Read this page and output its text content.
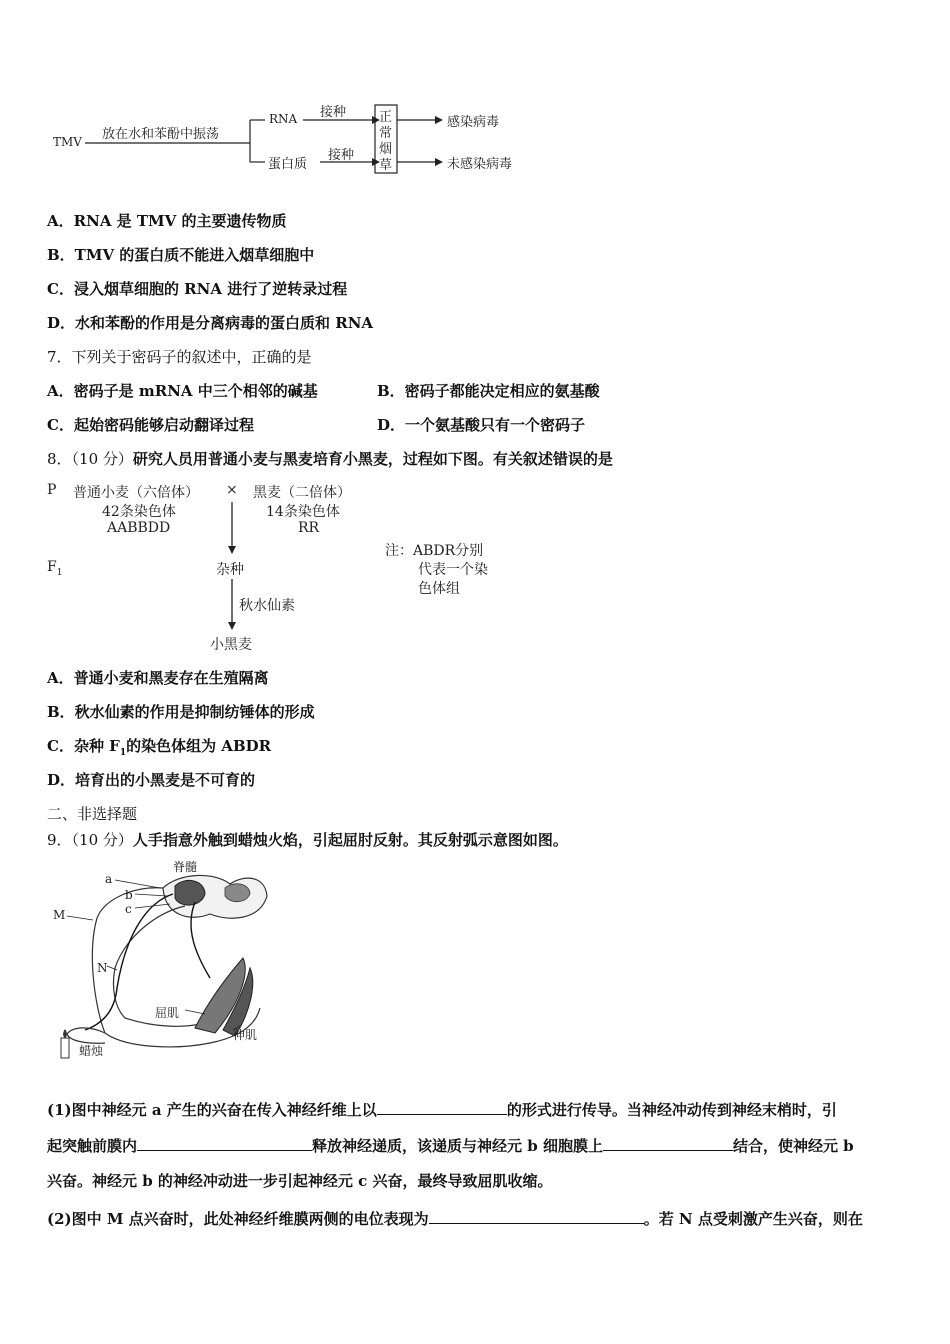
TMV 放在水和苯酚中振荡
RNA
蛋白质
接种
接种
正
常
烟
草
感染病毒
未感染病毒
A．RNA 是 TMV 的主要遗传物质
B．TMV 的蛋白质不能进入烟草细胞中
C．浸入烟草细胞的 RNA 进行了逆转录过程
D．水和苯酚的作用是分离病毒的蛋白质和 RNA
7．下列关于密码子的叙述中，正确的是
A．密码子是 mRNA 中三个相邻的碱基	B．密码子都能决定相应的氨基酸
C．起始密码能够启动翻译过程	D．一个氨基酸只有一个密码子
8．（10 分）研究人员用普通小麦与黑麦培育小黑麦，过程如下图。有关叙述错误的是
P 普通小麦（六倍体） × 黑麦（二倍体）
42条染色体
AABBDD
14条染色体
RR
$F_1$	杂种
秋水仙素
小黑麦
注：ABDR分别
代表一个染
色体组
A．普通小麦和黑麦存在生殖隔离
B．秋水仙素的作用是抑制纺锤体的形成
C．杂种 $F_1$的染色体组为 ABDR
D．培育出的小黑麦是不可育的
二、非选择题
9．（10 分）人手指意外触到蜡烛火焰，引起屈肘反射。其反射弧示意图如图。
脊髓
a
b
c
M
N
屈肌
伸肌
蜡烛
(1)图中神经元 a 产生的兴奋在传入神经纤维上以	的形式进行传导。当神经冲动传到神经末梢时，引
起突触前膜内	释放神经递质，该递质与神经元 b 细胞膜上	结合，使神经元 b
兴奋。神经元 b 的神经冲动进一步引起神经元 c 兴奋，最终导致屈肌收缩。
(2)图中 M 点兴奋时，此处神经纤维膜两侧的电位表现为	。若 N 点受刺激产生兴奋，则在
